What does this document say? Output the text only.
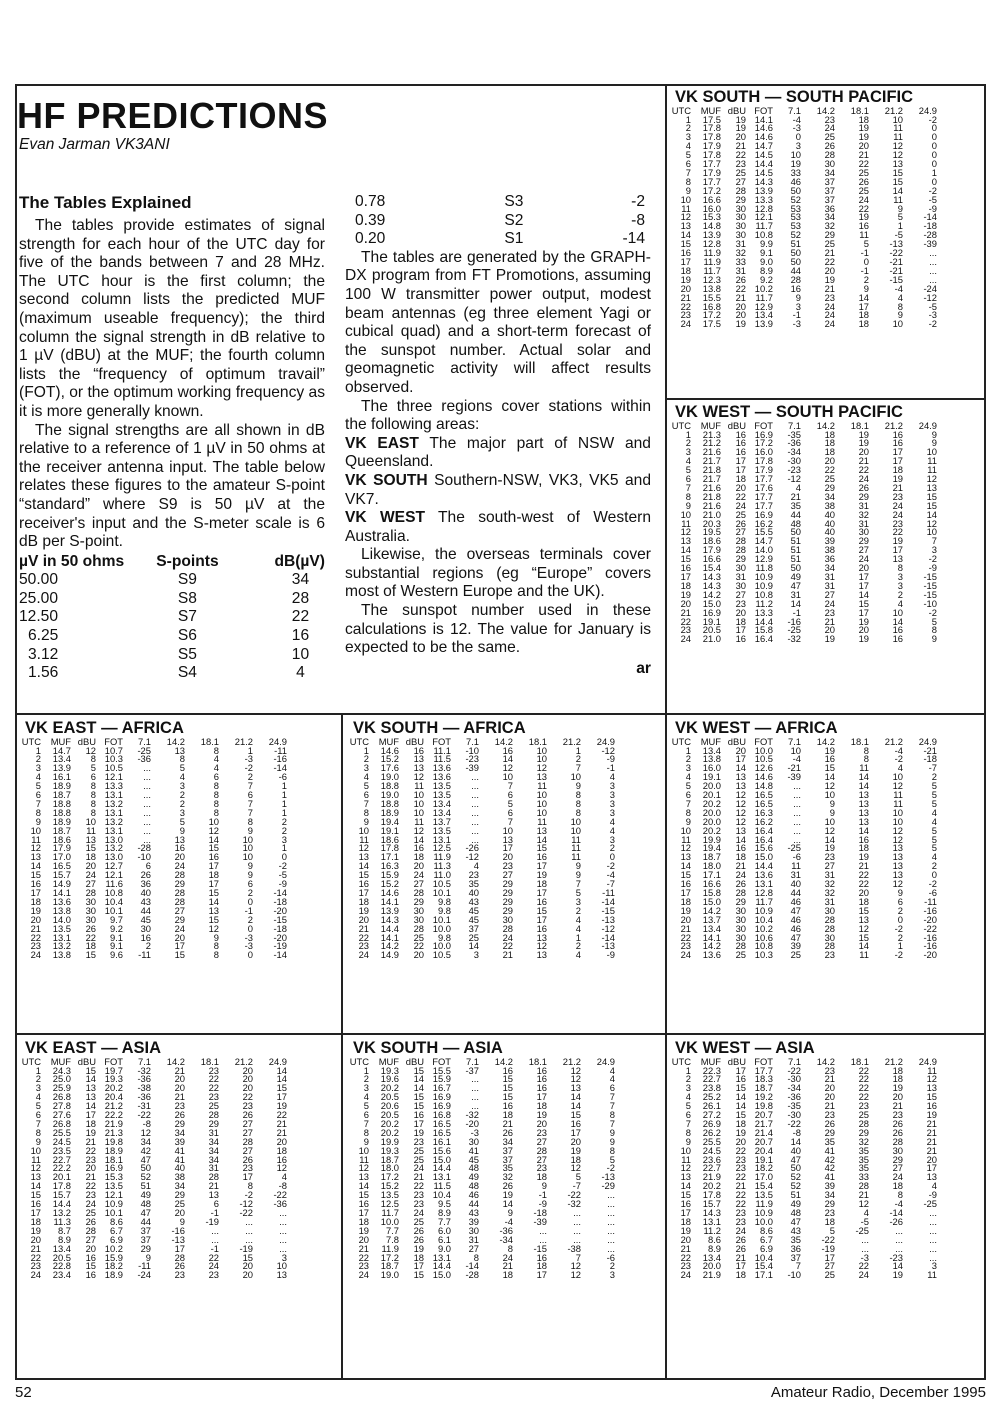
HF PREDICTIONS
Evan Jarman VK3ANI
The Tables Explained

The tables provide estimates of signal strength for each hour of the UTC day for five of the bands between 7 and 28 MHz. The UTC hour is the first column; the second column lists the predicted MUF (maximum useable frequency); the third column the signal strength in dB relative to 1 µV (dBU) at the MUF; the fourth column lists the “frequency of optimum travail” (FOT), or the optimum working frequency as it is more generally known.

The signal strengths are all shown in dB relative to a reference of 1 µV in 50 ohms at the receiver antenna input. The table below relates these figures to the amateur S-point “standard” where S9 is 50 µV at the receiver's input and the S-meter scale is 6 dB per S-point.

µV in 50 ohms	S-points	dB(µV)
50.00	S9	34
25.00	S8	28
12.50	S7	22
6.25	S6	16
3.12	S5	10
1.56	S4	4
0.78	S3	-2
0.39	S2	-8
0.20	S1	-14

The tables are generated by the GRAPH-DX program from FT Promotions, assuming 100 W transmitter power output, modest beam antennas (eg three element Yagi or cubical quad) and a short-term forecast of the sunspot number. Actual solar and geomagnetic activity will affect results observed.

The three regions cover stations within the following areas:

VK EAST The major part of NSW and Queensland.

VK SOUTH Southern-NSW, VK3, VK5 and VK7.

VK WEST The south-west of Western Australia.

Likewise, the overseas terminals cover substantial regions (eg “Europe” covers most of Western Europe and the UK).

The sunspot number used in these calculations is 12. The value for January is expected to be the same.

ar
VK SOUTH — SOUTH PACIFIC
UTC	MUF	dBU	FOT	7.1	14.2	18.1	21.2	24.9
1	17.5	19	14.1	-4	23	18	10	-2
2	17.8	19	14.6	-3	24	19	11	0
3	17.8	20	14.6	0	25	19	11	0
4	17.9	21	14.7	3	26	20	12	0
5	17.8	22	14.5	10	28	21	12	0
6	17.7	23	14.4	19	30	22	13	0
7	17.9	25	14.5	33	34	25	15	1
8	17.7	27	14.3	46	37	26	15	0
9	17.2	28	13.9	50	37	25	14	-2
10	16.6	29	13.3	52	37	24	11	-5
11	16.0	30	12.8	53	36	22	9	-9
12	15.3	30	12.1	53	34	19	5	-14
13	14.8	30	11.7	53	32	16	1	-18
14	13.9	30	10.8	52	29	11	-5	-28
15	12.8	31	9.9	51	25	5	-13	-39
16	11.9	32	9.1	50	21	-1	-22	...
17	11.9	33	9.0	50	22	0	-21	...
18	11.7	31	8.9	44	20	-1	-21	...
19	12.3	26	9.2	28	19	2	-15	...
20	13.8	22	10.2	16	21	9	-4	-24
21	15.5	21	11.7	9	23	14	4	-12
22	16.8	20	12.9	3	24	17	8	-5
23	17.2	20	13.4	-1	24	18	9	-3
24	17.5	19	13.9	-3	24	18	10	-2
VK WEST — SOUTH PACIFIC
UTC	MUF	dBU	FOT	7.1	14.2	18.1	21.2	24.9
1	21.3	16	16.9	-35	18	19	16	9
2	21.2	16	17.2	-36	18	19	16	9
3	21.6	16	16.0	-34	18	20	17	10
4	21.7	17	17.8	-30	20	21	17	11
5	21.8	17	17.9	-23	22	22	18	11
6	21.7	18	17.7	-12	25	24	19	12
7	21.6	20	17.6	4	29	26	21	13
8	21.8	22	17.7	21	34	29	23	15
9	21.6	24	17.7	35	38	31	24	15
10	21.0	25	16.9	44	40	32	24	14
11	20.3	26	16.2	48	40	31	23	12
12	19.5	27	15.5	50	40	30	22	10
13	18.6	28	14.7	51	39	29	19	7
14	17.9	28	14.0	51	38	27	17	3
15	16.6	29	12.9	51	36	24	13	-2
16	15.4	30	11.8	50	34	20	8	-9
17	14.3	31	10.9	49	31	17	3	-15
18	14.3	30	10.9	47	31	17	3	-15
19	14.2	27	10.8	31	27	14	2	-15
20	15.0	23	11.2	14	24	15	4	-10
21	16.9	20	13.3	-1	23	17	10	-2
22	19.1	18	14.4	-16	21	19	14	5
23	20.5	17	15.8	-25	20	20	16	8
24	21.0	16	16.4	-32	19	19	16	9
VK EAST — AFRICA
UTC	MUF	dBU	FOT	7.1	14.2	18.1	21.2	24.9
1	14.7	12	10.7	-25	13	8	1	-11
2	13.4	8	10.3	-36	8	4	-3	-16
3	13.9	5	10.5	...	5	4	-2	-14
4	16.1	6	12.1	...	4	6	2	-6
5	18.9	8	13.3	...	3	8	7	1
6	18.7	8	13.1	...	2	8	6	1
7	18.8	8	13.2	...	2	8	7	1
8	18.8	8	13.1	...	3	8	7	1
9	18.9	10	13.2	...	5	10	8	2
10	18.7	11	13.1	...	9	12	9	2
11	18.6	13	13.0	...	13	14	10	3
12	17.9	15	13.2	-28	16	15	10	1
13	17.0	18	13.0	-10	20	16	10	0
14	16.5	20	12.7	6	24	17	9	-2
15	15.7	24	12.1	26	28	18	9	-5
16	14.9	27	11.6	36	29	17	6	-9
17	14.1	28	10.8	40	28	15	2	-14
18	13.6	30	10.4	43	28	14	0	-18
19	13.8	30	10.1	44	27	13	-1	-20
20	14.0	30	9.7	45	29	15	2	-15
21	13.5	26	9.2	30	24	12	0	-18
22	13.1	22	9.1	16	20	9	-3	-20
23	13.2	18	9.1	2	17	8	-3	-19
24	13.8	15	9.6	-11	15	8	0	-14
VK SOUTH — AFRICA
UTC	MUF	dBU	FOT	7.1	14.2	18.1	21.2	24.9
1	14.6	16	11.1	-10	16	10	1	-12
2	15.2	13	11.5	-23	14	10	2	-9
3	17.6	13	13.6	-39	12	12	7	-1
4	19.0	12	13.6	...	10	13	10	4
5	18.8	11	13.5	...	7	11	9	3
6	19.0	10	13.5	...	6	10	8	3
7	18.8	10	13.4	...	5	10	8	3
8	18.9	10	13.4	...	6	10	8	3
9	19.4	11	13.7	...	7	11	10	4
10	19.1	12	13.5	...	10	13	10	4
11	18.6	14	13.1	...	13	14	11	3
12	17.8	16	12.5	-26	17	15	11	2
13	17.1	18	11.9	-12	20	16	11	0
14	16.3	20	11.3	4	23	17	9	-2
15	15.9	24	11.0	23	27	19	9	-4
16	15.2	27	10.5	35	29	18	7	-7
17	14.6	28	10.1	40	29	17	5	-11
18	14.1	29	9.8	43	29	16	3	-14
19	13.9	30	9.8	45	29	15	2	-15
20	14.3	30	10.1	45	30	17	4	-13
21	14.4	28	10.0	37	28	16	4	-12
22	14.1	25	9.8	25	24	13	1	-14
23	14.2	22	10.0	14	22	12	2	-13
24	14.9	20	10.5	3	21	13	4	-9
VK WEST — AFRICA
UTC	MUF	dBU	FOT	7.1	14.2	18.1	21.2	24.9
1	13.4	20	10.0	10	19	8	-4	-21
2	13.8	17	10.5	-4	16	8	-2	-18
3	16.0	14	12.6	-21	15	11	4	-7
4	19.1	13	14.6	-39	14	14	10	2
5	20.0	13	14.8	...	12	14	12	5
6	20.1	12	16.5	...	10	13	11	5
7	20.2	12	16.5	...	9	13	11	5
8	20.0	12	16.3	...	9	13	10	4
9	20.0	12	16.2	...	10	13	10	4
10	20.2	13	16.4	...	12	14	12	5
11	19.9	14	16.4	...	14	16	12	5
12	19.4	16	15.6	-25	19	18	13	5
13	18.7	18	15.0	-6	23	19	13	4
14	18.0	21	14.4	11	27	21	13	2
15	17.1	24	13.6	31	31	22	13	0
16	16.6	26	13.1	40	32	22	12	-2
17	15.8	28	12.8	44	32	20	9	-6
18	15.0	29	11.7	46	31	18	6	-11
19	14.2	30	10.9	47	30	15	2	-16
20	13.7	30	10.4	46	28	13	0	-20
21	13.4	30	10.2	46	28	12	-2	-22
22	14.1	30	10.6	47	30	15	2	-16
23	14.2	28	10.8	39	28	14	1	-16
24	13.6	25	10.3	25	23	11	-2	-20
VK EAST — ASIA
UTC	MUF	dBU	FOT	7.1	14.2	18.1	21.2	24.9
1	24.3	15	19.7	-32	21	23	20	14
2	25.0	14	19.3	-36	20	22	20	14
3	25.9	13	20.2	-38	20	22	20	15
4	26.8	13	20.4	-36	21	23	22	17
5	27.8	14	21.2	-31	23	25	23	19
6	27.6	17	22.2	-22	26	28	26	22
7	26.8	18	21.9	-8	29	29	27	21
8	25.5	19	21.3	12	34	31	27	21
9	24.5	21	19.8	34	39	34	28	20
10	23.5	22	18.9	42	41	34	27	18
11	22.7	23	18.1	47	41	34	26	16
12	22.2	20	16.9	50	40	31	23	12
13	20.1	21	15.3	52	38	28	17	4
14	17.8	22	13.5	51	34	21	8	-8
15	15.7	23	12.1	49	29	13	-2	-22
16	14.4	24	10.9	48	25	6	-12	-36
17	13.2	25	10.1	47	20	-1	-22	...
18	11.3	26	8.6	44	9	-19	...	...
19	8.7	28	6.7	37	-16	...	...	...
20	8.9	27	6.9	37	-13	...	...	...
21	13.4	20	10.2	29	17	-1	-19	...
22	20.5	16	15.9	9	28	22	15	3
23	22.8	15	18.2	-11	26	24	20	10
24	23.4	16	18.9	-24	23	23	20	13
VK SOUTH — ASIA
UTC	MUF	dBU	FOT	7.1	14.2	18.1	21.2	24.9
1	19.3	15	15.5	-37	16	16	12	4
2	19.6	14	15.9	...	15	16	12	4
3	20.2	14	16.7	...	15	16	13	6
4	20.5	15	16.9	...	15	17	14	7
5	20.6	15	16.9	...	16	18	14	7
6	20.5	16	16.8	-32	18	19	15	8
7	20.2	17	16.5	-20	21	20	16	7
8	20.2	19	16.5	-3	26	23	17	9
9	19.9	23	16.1	30	34	27	20	9
10	19.3	25	15.6	41	37	28	19	8
11	18.7	25	15.0	45	37	27	18	5
12	18.0	24	14.4	48	35	23	12	-2
13	17.2	21	13.1	49	32	18	5	-13
14	15.2	22	11.5	48	26	9	-7	-29
15	13.5	23	10.4	46	19	-1	-22	...
16	12.5	23	9.5	44	14	-9	-32	...
17	11.7	24	8.9	43	9	-18	...	...
18	10.0	25	7.7	39	-4	-39	...	...
19	7.7	26	6.0	30	-36	...	...	...
20	7.8	26	6.1	31	-34	...	...	...
21	11.9	19	9.0	27	8	-15	-38	...
22	17.2	18	13.1	8	24	16	7	-6
23	18.7	17	14.4	-14	21	18	12	2
24	19.0	15	15.0	-28	18	17	12	3
VK WEST — ASIA
UTC	MUF	dBU	FOT	7.1	14.2	18.1	21.2	24.9
1	22.3	17	17.7	-22	23	22	18	11
2	22.7	16	18.3	-30	21	22	18	12
3	23.8	15	18.7	-34	20	22	19	13
4	25.2	14	19.2	-36	20	22	20	15
5	26.1	14	19.8	-35	21	23	21	16
6	27.2	15	20.7	-30	23	25	23	19
7	26.9	18	21.7	-22	26	28	26	21
8	26.2	19	21.4	-8	29	29	26	21
9	25.5	20	20.7	14	35	32	28	21
10	24.5	22	20.4	40	41	35	30	21
11	23.6	23	19.1	47	42	35	29	20
12	22.7	23	18.2	50	42	35	27	17
13	21.9	22	17.0	52	41	33	24	13
14	20.2	21	15.4	52	39	28	18	4
15	17.8	22	13.5	51	34	21	8	-9
16	15.7	22	11.9	49	29	12	-4	-25
17	14.3	23	10.9	48	23	4	-14	...
18	13.1	23	10.0	47	18	-5	-26	...
19	11.2	24	8.6	43	5	-25	...	...
20	8.6	26	6.7	35	-22	...	...	...
21	8.9	26	6.9	36	-19	...	...	...
22	13.4	21	10.4	37	17	-3	-23	...
23	20.0	17	15.4	7	27	22	14	3
24	21.9	18	17.1	-10	25	24	19	11
52	Amateur Radio, December 1995
